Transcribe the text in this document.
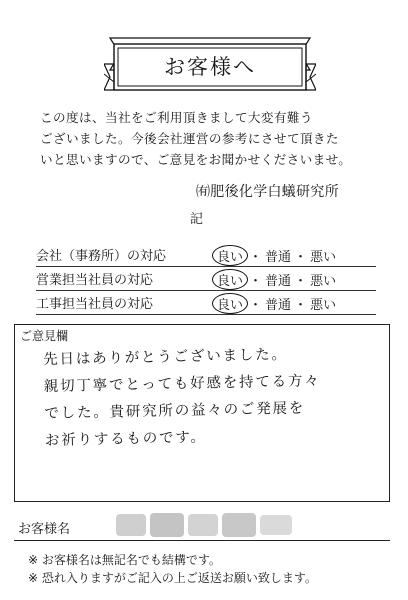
お客様へ
この度は、当社をご利用頂きまして大変有難う
ございました。今後会社運営の参考にさせて頂きた
いと思いますので、ご意見をお聞かせくださいませ。
㈲肥後化学白蟻研究所
記
会社（事務所）の対応	良い ・ 普通 ・ 悪い
営業担当社員の対応	良い ・ 普通 ・ 悪い
工事担当社員の対応	良い ・ 普通 ・ 悪い
ご意見欄
先日はありがとうございました。
親切丁寧でとっても好感を持てる方々
でした。貴研究所の益々のご発展を
お祈りするものです。
お客様名
※ お客様名は無記名でも結構です。
※ 恐れ入りますがご記入の上ご返送お願い致します。
